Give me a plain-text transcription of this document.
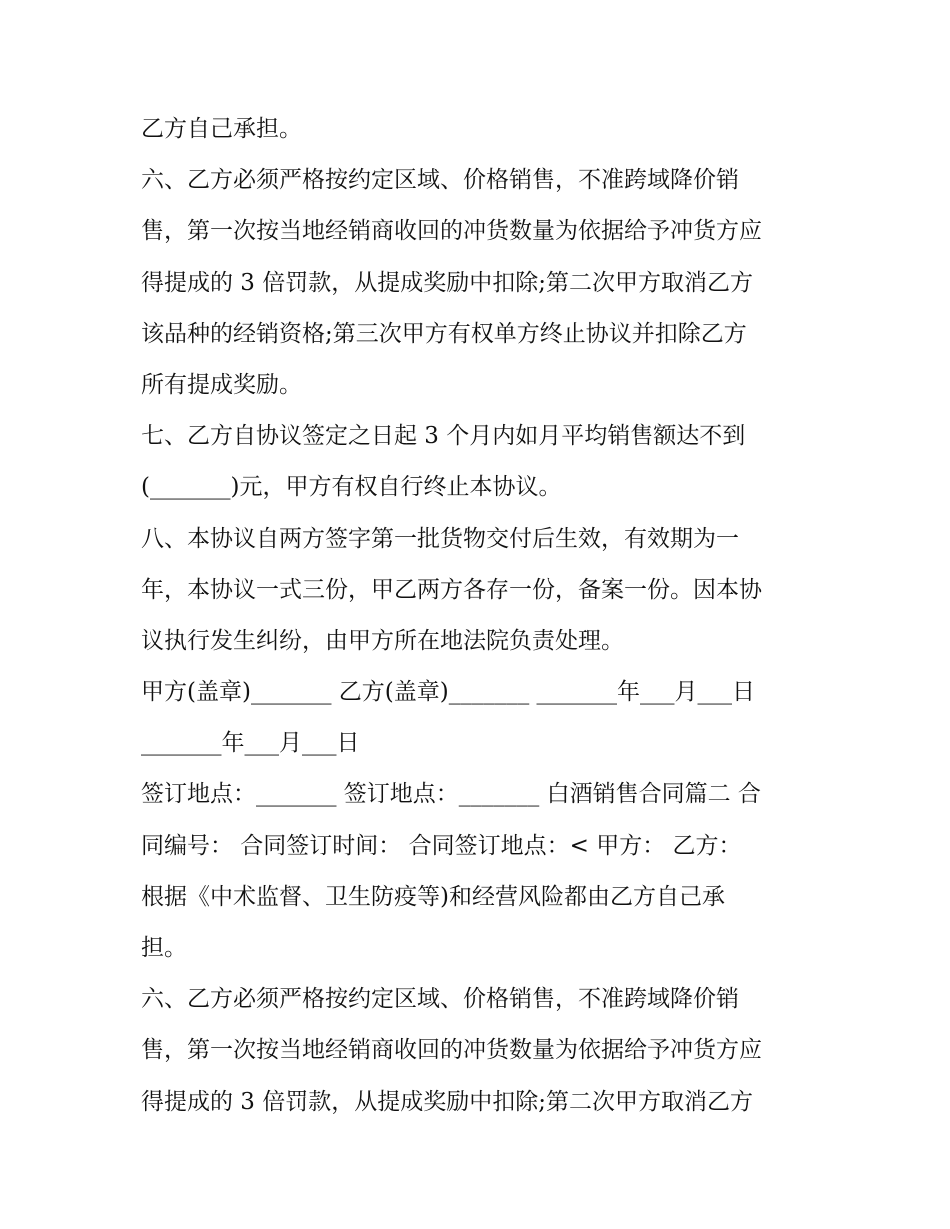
乙方自己承担。
六、乙方必须严格按约定区域、价格销售，不准跨域降价销
售，第一次按当地经销商收回的冲货数量为依据给予冲货方应
得提成的 3 倍罚款，从提成奖励中扣除;第二次甲方取消乙方
该品种的经销资格;第三次甲方有权单方终止协议并扣除乙方
所有提成奖励。
七、乙方自协议签定之日起 3 个月内如月平均销售额达不到
(_______)元，甲方有权自行终止本协议。
八、本协议自两方签字第一批货物交付后生效，有效期为一
年，本协议一式三份，甲乙两方各存一份，备案一份。因本协
议执行发生纠纷，由甲方所在地法院负责处理。
甲方(盖章)_______ 乙方(盖章)_______ _______年___月___日
_______年___月___日
签订地点：_______ 签订地点：_______ 白酒销售合同篇二 合
同编号： 合同签订时间： 合同签订地点：< 甲方： 乙方：
根据《中术监督、卫生防疫等)和经营风险都由乙方自己承
担。
六、乙方必须严格按约定区域、价格销售，不准跨域降价销
售，第一次按当地经销商收回的冲货数量为依据给予冲货方应
得提成的 3 倍罚款，从提成奖励中扣除;第二次甲方取消乙方
